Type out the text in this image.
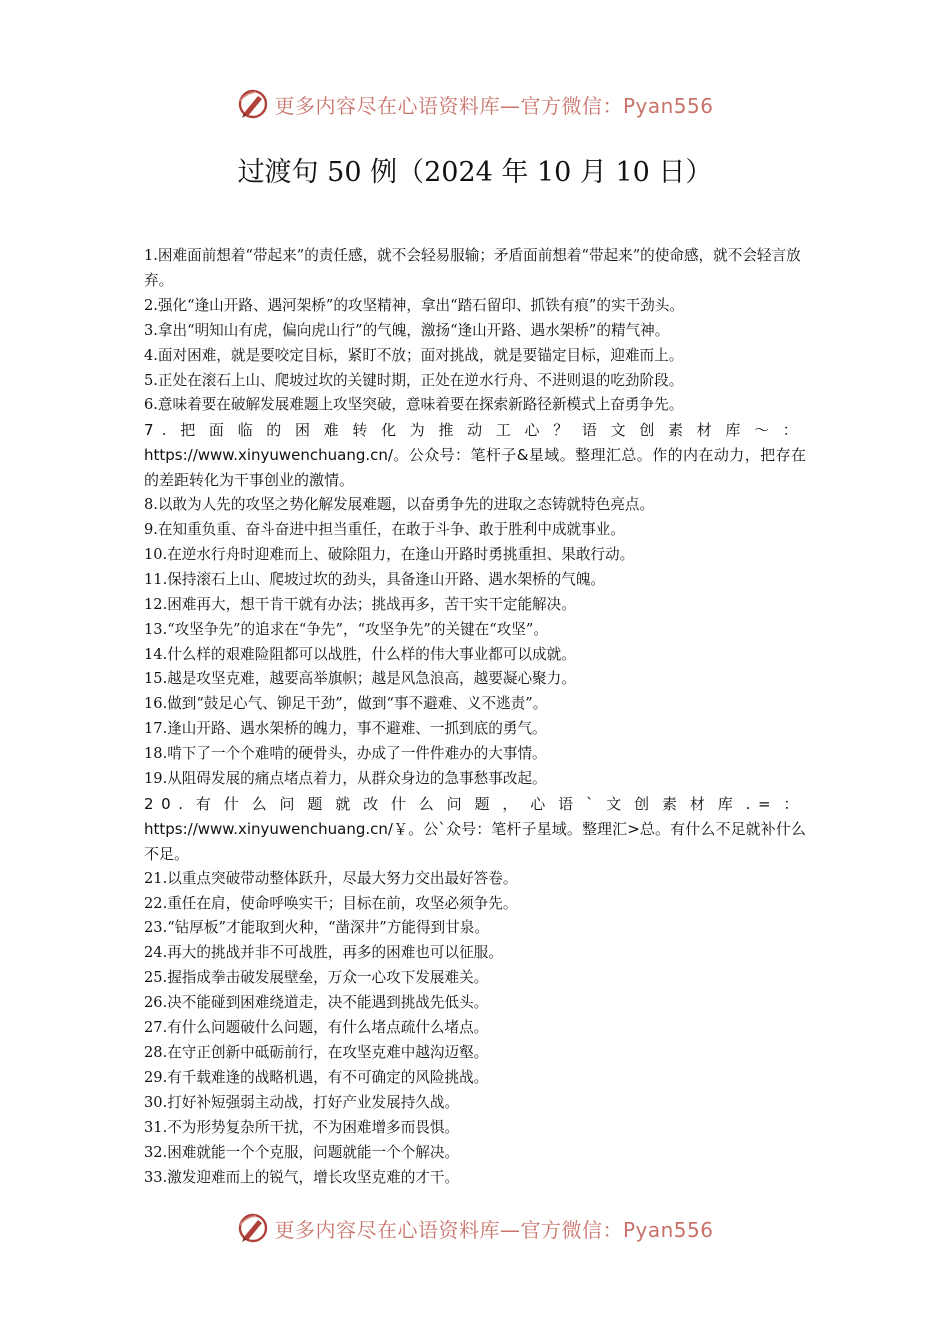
更多内容尽在心语资料库—官方微信：Pyan556
过渡句 50 例（2024 年 10 月 10 日）

1.困难面前想着“带起来”的责任感，就不会轻易服输；矛盾面前想着“带起来”的使命感，就不会轻言放弃。

2.强化“逢山开路、遇河架桥”的攻坚精神，拿出“踏石留印、抓铁有痕”的实干劲头。

3.拿出“明知山有虎，偏向虎山行”的气魄，激扬“逢山开路、遇水架桥”的精气神。

4.面对困难，就是要咬定目标，紧盯不放；面对挑战，就是要锚定目标，迎难而上。

5.正处在滚石上山、爬坡过坎的关键时期，正处在逆水行舟、不进则退的吃劲阶段。

6.意味着要在破解发展难题上攻坚突破，意味着要在探索新路径新模式上奋勇争先。

7.把面临的困难转化为推动工心？语文创素材库～：https://www.xinyuwenchuang.cn/。公众号：笔杆子&星域。整理汇总。作的内在动力，把存在的差距转化为干事创业的激情。

8.以敢为人先的攻坚之势化解发展难题，以奋勇争先的进取之态铸就特色亮点。

9.在知重负重、奋斗奋进中担当重任，在敢于斗争、敢于胜利中成就事业。

10.在逆水行舟时迎难而上、破除阻力，在逢山开路时勇挑重担、果敢行动。

11.保持滚石上山、爬坡过坎的劲头，具备逢山开路、遇水架桥的气魄。

12.困难再大，想干肯干就有办法；挑战再多，苦干实干定能解决。

13.“攻坚争先”的追求在“争先”，“攻坚争先”的关键在“攻坚”。

14.什么样的艰难险阻都可以战胜，什么样的伟大事业都可以成就。

15.越是攻坚克难，越要高举旗帜；越是风急浪高，越要凝心聚力。

16.做到“鼓足心气、铆足干劲”，做到“事不避难、义不逃责”。

17.逢山开路、遇水架桥的魄力，事不避难、一抓到底的勇气。

18.啃下了一个个难啃的硬骨头，办成了一件件难办的大事情。

19.从阻碍发展的痛点堵点着力，从群众身边的急事愁事改起。

20.有什么问题就改什么问题，心语`文创素材库.=：https://www.xinyuwenchuang.cn/￥。公`众号：笔杆子星域。整理汇>总。有什么不足就补什么不足。

21.以重点突破带动整体跃升，尽最大努力交出最好答卷。

22.重任在肩，使命呼唤实干；目标在前，攻坚必须争先。

23.“钻厚板”才能取到火种，“凿深井”方能得到甘泉。

24.再大的挑战并非不可战胜，再多的困难也可以征服。

25.握指成拳击破发展壁垒，万众一心攻下发展难关。

26.决不能碰到困难绕道走，决不能遇到挑战先低头。

27.有什么问题破什么问题，有什么堵点疏什么堵点。

28.在守正创新中砥砺前行，在攻坚克难中越沟迈壑。

29.有千载难逢的战略机遇，有不可确定的风险挑战。

30.打好补短强弱主动战，打好产业发展持久战。

31.不为形势复杂所干扰，不为困难增多而畏惧。

32.困难就能一个个克服，问题就能一个个解决。

33.激发迎难而上的锐气，增长攻坚克难的才干。

更多内容尽在心语资料库—官方微信：Pyan556
